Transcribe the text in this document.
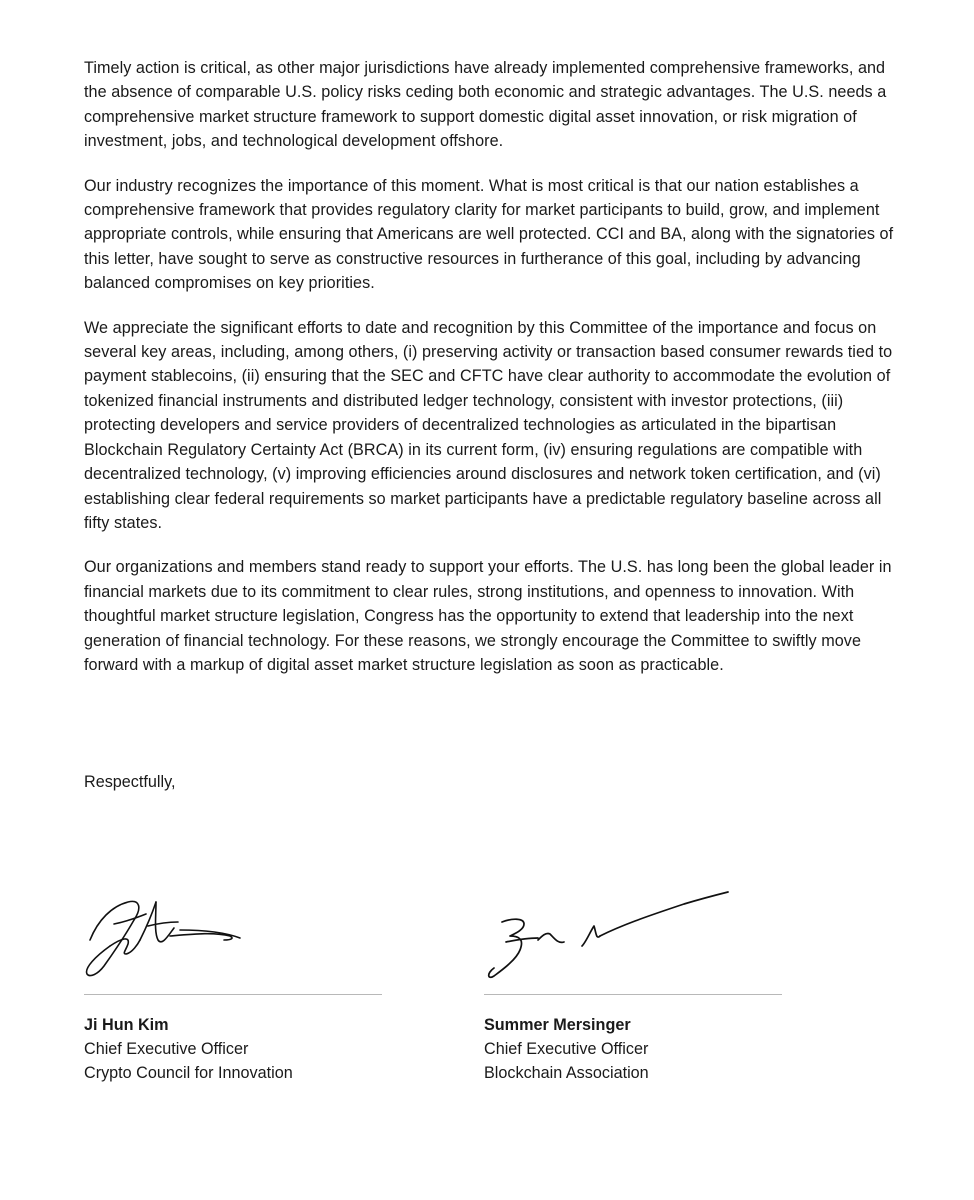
Timely action is critical, as other major jurisdictions have already implemented comprehensive frameworks, and the absence of comparable U.S. policy risks ceding both economic and strategic advantages. The U.S. needs a comprehensive market structure framework to support domestic digital asset innovation, or risk migration of investment, jobs, and technological development offshore.

Our industry recognizes the importance of this moment. What is most critical is that our nation establishes a comprehensive framework that provides regulatory clarity for market participants to build, grow, and implement appropriate controls, while ensuring that Americans are well protected. CCI and BA, along with the signatories of this letter, have sought to serve as constructive resources in furtherance of this goal, including by advancing balanced compromises on key priorities.

We appreciate the significant efforts to date and recognition by this Committee of the importance and focus on several key areas, including, among others, (i) preserving activity or transaction based consumer rewards tied to payment stablecoins, (ii) ensuring that the SEC and CFTC have clear authority to accommodate the evolution of tokenized financial instruments and distributed ledger technology, consistent with investor protections, (iii) protecting developers and service providers of decentralized technologies as articulated in the bipartisan Blockchain Regulatory Certainty Act (BRCA) in its current form, (iv) ensuring regulations are compatible with decentralized technology, (v) improving efficiencies around disclosures and network token certification, and (vi) establishing clear federal requirements so market participants have a predictable regulatory baseline across all fifty states.

Our organizations and members stand ready to support your efforts. The U.S. has long been the global leader in financial markets due to its commitment to clear rules, strong institutions, and openness to innovation. With thoughtful market structure legislation, Congress has the opportunity to extend that leadership into the next generation of financial technology. For these reasons, we strongly encourage the Committee to swiftly move forward with a markup of digital asset market structure legislation as soon as practicable.

Respectfully,

Ji Hun Kim

Chief Executive Officer

Crypto Council for Innovation

Summer Mersinger

Chief Executive Officer

Blockchain Association
